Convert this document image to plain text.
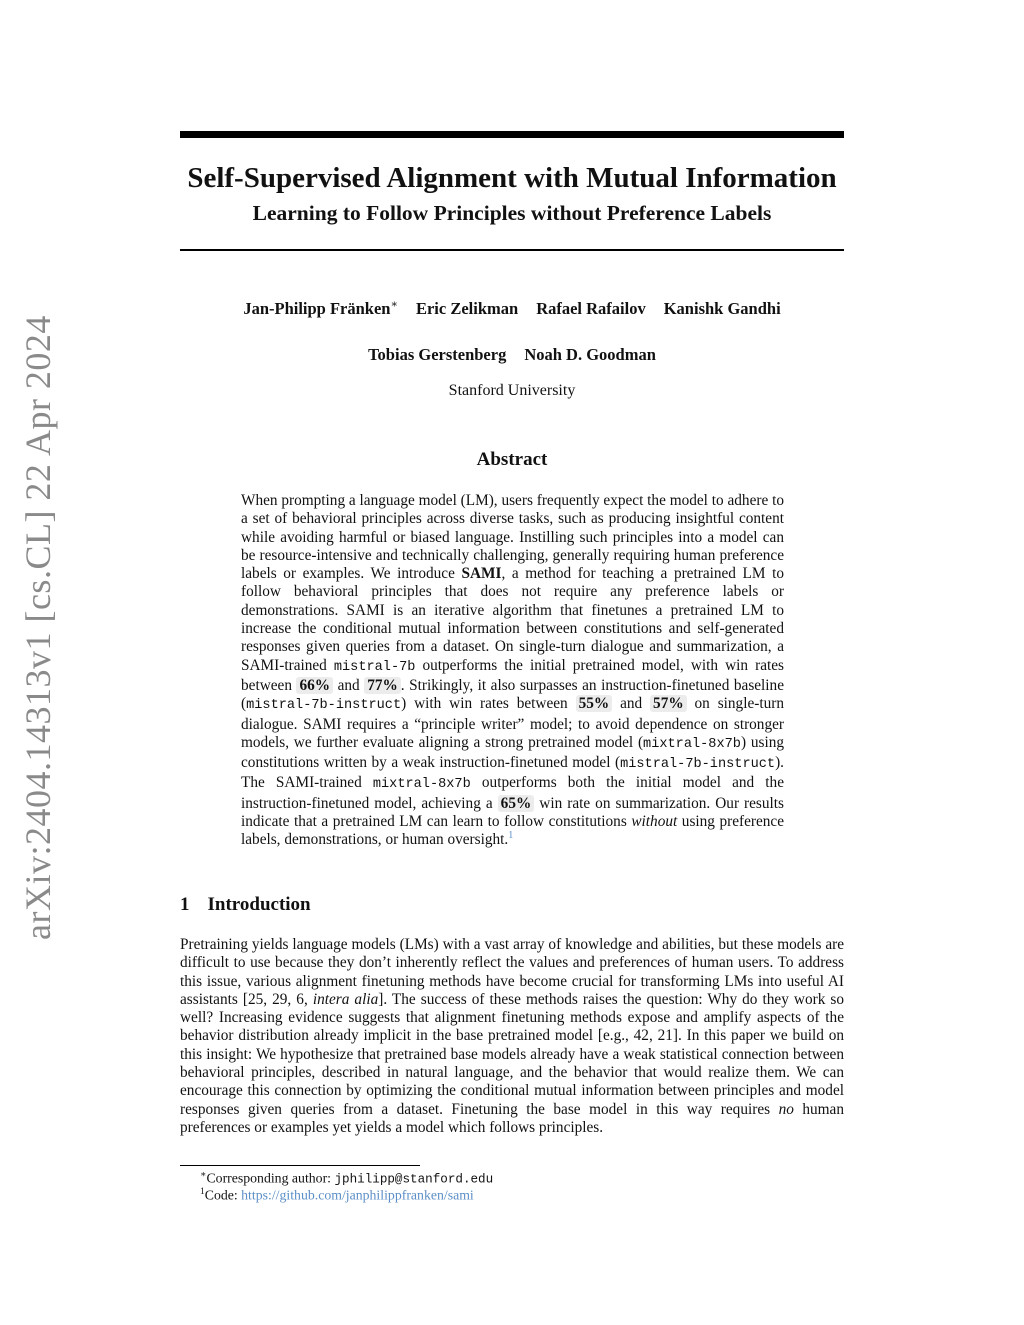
arXiv:2404.14313v1 [cs.CL] 22 Apr 2024
Self-Supervised Alignment with Mutual Information
Learning to Follow Principles without Preference Labels
Jan-Philipp Fränken∗ Eric Zelikman Rafael Rafailov Kanishk Gandhi
Tobias Gerstenberg Noah D. Goodman
Stanford University
Abstract
When prompting a language model (LM), users frequently expect the model to adhere to a set of behavioral principles across diverse tasks, such as producing insightful content while avoiding harmful or biased language. Instilling such principles into a model can be resource-intensive and technically challenging, generally requiring human preference labels or examples. We introduce SAMI, a method for teaching a pretrained LM to follow behavioral principles that does not require any preference labels or demonstrations. SAMI is an iterative algorithm that finetunes a pretrained LM to increase the conditional mutual information between constitutions and self-generated responses given queries from a dataset. On single-turn dialogue and summarization, a SAMI-trained mistral-7b outperforms the initial pretrained model, with win rates between 66% and 77% . Strikingly, it also surpasses an instruction-finetuned baseline (mistral-7b-instruct) with win rates between 55% and 57% on single-turn dialogue. SAMI requires a “principle writer” model; to avoid dependence on stronger models, we further evaluate aligning a strong pretrained model (mixtral-8x7b) using constitutions written by a weak instruction-finetuned model (mistral-7b-instruct). The SAMI-trained mixtral-8x7b outperforms both the initial model and the instruction-finetuned model, achieving a 65% win rate on summarization. Our results indicate that a pretrained LM can learn to follow constitutions without using preference labels, demonstrations, or human oversight.$^1$
1 Introduction
Pretraining yields language models (LMs) with a vast array of knowledge and abilities, but these models are difficult to use because they don’t inherently reflect the values and preferences of human users. To address this issue, various alignment finetuning methods have become crucial for transforming LMs into useful AI assistants [25, 29, 6, intera alia]. The success of these methods raises the question: Why do they work so well? Increasing evidence suggests that alignment finetuning methods expose and amplify aspects of the behavior distribution already implicit in the base pretrained model [e.g., 42, 21]. In this paper we build on this insight: We hypothesize that pretrained base models already have a weak statistical connection between behavioral principles, described in natural language, and the behavior that would realize them. We can encourage this connection by optimizing the conditional mutual information between principles and model responses given queries from a dataset. Finetuning the base model in this way requires no human preferences or examples yet yields a model which follows principles.
∗Corresponding author: jphilipp@stanford.edu
$^1$Code: https://github.com/janphilippfranken/sami
